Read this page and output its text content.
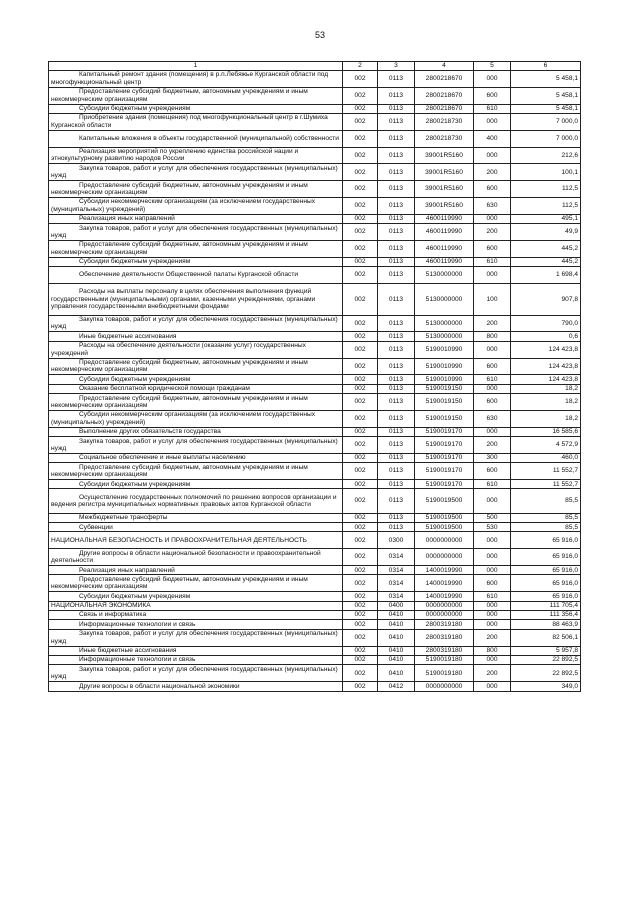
53
1	2	3	4	5	6
Капитальный ремонт здания (помещения) в р.п.Лебяжье Курганской области под многофункциональный центр	002	0113	2800218670	000	5 458,1
Предоставление субсидий бюджетным, автономным учреждениям и иным некоммерческим организациям	002	0113	2800218670	600	5 458,1
Субсидии бюджетным учреждениям	002	0113	2800218670	610	5 458,1
Приобретение здания (помещения) под многофункциональный центр в г.Шумиха Курганской области	002	0113	2800218730	000	7 000,0
Капитальные вложения в объекты государственной (муниципальной) собственности	002	0113	2800218730	400	7 000,0
Реализация мероприятий по укреплению единства российской нации и этнокультурному развитию народов России	002	0113	39001R5160	000	212,6
Закупка товаров, работ и услуг для обеспечения государственных (муниципальных) нужд	002	0113	39001R5160	200	100,1
Предоставление субсидий бюджетным, автономным учреждениям и иным некоммерческим организациям	002	0113	39001R5160	600	112,5
Субсидии некоммерческим организациям (за исключением государственных (муниципальных) учреждений)	002	0113	39001R5160	630	112,5
Реализация иных направлений	002	0113	4600119990	000	495,1
Закупка товаров, работ и услуг для обеспечения государственных (муниципальных) нужд	002	0113	4600119990	200	49,9
Предоставление субсидий бюджетным, автономным учреждениям и иным некоммерческим организациям	002	0113	4600119990	600	445,2
Субсидии бюджетным учреждениям	002	0113	4600119990	610	445,2
Обеспечение деятельности Общественной палаты Курганской области	002	0113	5130000000	000	1 698,4
Расходы на выплаты персоналу в целях обеспечения выполнения функций государственными (муниципальными) органами, казенными учреждениями, органами управления государственными внебюджетными фондами	002	0113	5130000000	100	907,8
Закупка товаров, работ и услуг для обеспечения государственных (муниципальных) нужд	002	0113	5130000000	200	790,0
Иные бюджетные ассигнования	002	0113	5130000000	800	0,6
Расходы на обеспечение деятельности (оказание услуг) государственных учреждений	002	0113	5190010990	000	124 423,8
Предоставление субсидий бюджетным, автономным учреждениям и иным некоммерческим организациям	002	0113	5190010990	600	124 423,8
Субсидии бюджетным учреждениям	002	0113	5190010990	610	124 423,8
Оказание бесплатной юридической помощи гражданам	002	0113	5190019150	000	18,2
Предоставление субсидий бюджетным, автономным учреждениям и иным некоммерческим организациям	002	0113	5190019150	600	18,2
Субсидии некоммерческим организациям (за исключением государственных (муниципальных) учреждений)	002	0113	5190019150	630	18,2
Выполнение других обязательств государства	002	0113	5190019170	000	16 585,6
Закупка товаров, работ и услуг для обеспечения государственных (муниципальных) нужд	002	0113	5190019170	200	4 572,9
Социальное обеспечение и иные выплаты населению	002	0113	5190019170	300	460,0
Предоставление субсидий бюджетным, автономным учреждениям и иным некоммерческим организациям	002	0113	5190019170	600	11 552,7
Субсидии бюджетным учреждениям	002	0113	5190019170	610	11 552,7
Осуществление государственных полномочий по решению вопросов организации и ведения регистра муниципальных нормативных правовых актов Курганской области	002	0113	5190019500	000	85,5
Межбюджетные трансферты	002	0113	5190019500	500	85,5
Субвенции	002	0113	5190019500	530	85,5
НАЦИОНАЛЬНАЯ БЕЗОПАСНОСТЬ И ПРАВООХРАНИТЕЛЬНАЯ ДЕЯТЕЛЬНОСТЬ	002	0300	0000000000	000	65 916,0
Другие вопросы в области национальной безопасности и правоохранительной деятельности	002	0314	0000000000	000	65 916,0
Реализация иных направлений	002	0314	1400019990	000	65 916,0
Предоставление субсидий бюджетным, автономным учреждениям и иным некоммерческим организациям	002	0314	1400019990	600	65 916,0
Субсидии бюджетным учреждениям	002	0314	1400019990	610	65 916,0
НАЦИОНАЛЬНАЯ ЭКОНОМИКА	002	0400	0000000000	000	111 705,4
Связь и информатика	002	0410	0000000000	000	111 356,4
Информационные технологии и связь	002	0410	2800319180	000	88 463,9
Закупка товаров, работ и услуг для обеспечения государственных (муниципальных) нужд	002	0410	2800319180	200	82 506,1
Иные бюджетные ассигнования	002	0410	2800319180	800	5 957,8
Информационные технологии и связь	002	0410	5190019180	000	22 892,5
Закупка товаров, работ и услуг для обеспечения государственных (муниципальных) нужд	002	0410	5190019180	200	22 892,5
Другие вопросы в области национальной экономики	002	0412	0000000000	000	349,0
